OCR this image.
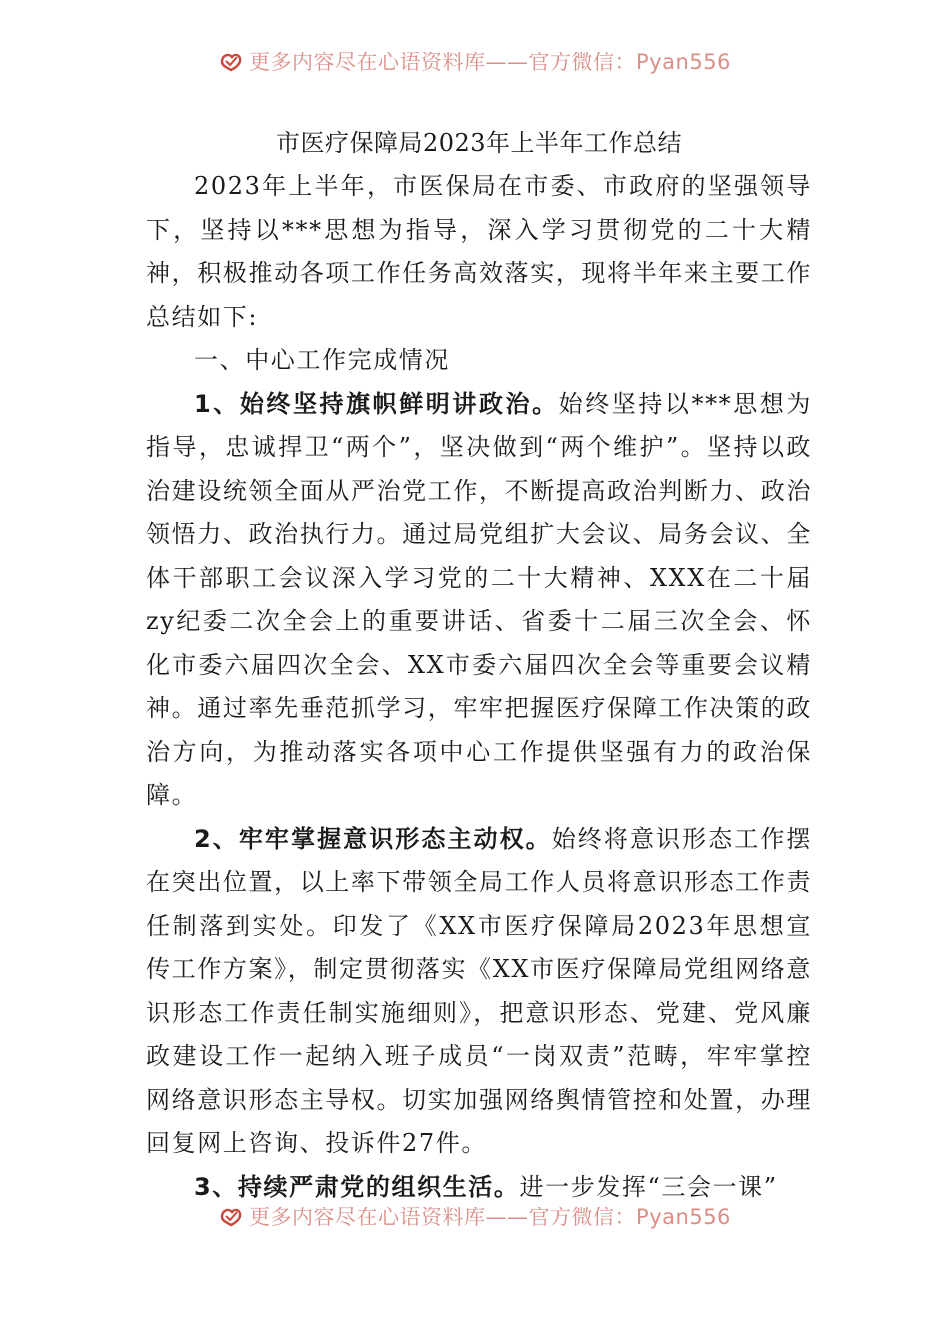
更多内容尽在心语资料库——官方微信：Pyan556

市医疗保障局2023年上半年工作总结

2023年上半年，市医保局在市委、市政府的坚强领导下，坚持以***思想为指导，深入学习贯彻党的二十大精神，积极推动各项工作任务高效落实，现将半年来主要工作总结如下:

一、中心工作完成情况

1、始终坚持旗帜鲜明讲政治。始终坚持以***思想为指导，忠诚捍卫“两个”，坚决做到“两个维护”。坚持以政治建设统领全面从严治党工作，不断提高政治判断力、政治领悟力、政治执行力。通过局党组扩大会议、局务会议、全体干部职工会议深入学习党的二十大精神、XXX在二十届zy纪委二次全会上的重要讲话、省委十二届三次全会、怀化市委六届四次全会、XX市委六届四次全会等重要会议精神。通过率先垂范抓学习，牢牢把握医疗保障工作决策的政治方向，为推动落实各项中心工作提供坚强有力的政治保障。

2、牢牢掌握意识形态主动权。始终将意识形态工作摆在突出位置，以上率下带领全局工作人员将意识形态工作责任制落到实处。印发了《XX市医疗保障局2023年思想宣传工作方案》，制定贯彻落实《XX市医疗保障局党组网络意识形态工作责任制实施细则》，把意识形态、党建、党风廉政建设工作一起纳入班子成员“一岗双责”范畴，牢牢掌控网络意识形态主导权。切实加强网络舆情管控和处置，办理回复网上咨询、投诉件27件。

3、持续严肃党的组织生活。进一步发挥“三会一课”

更多内容尽在心语资料库——官方微信：Pyan556
